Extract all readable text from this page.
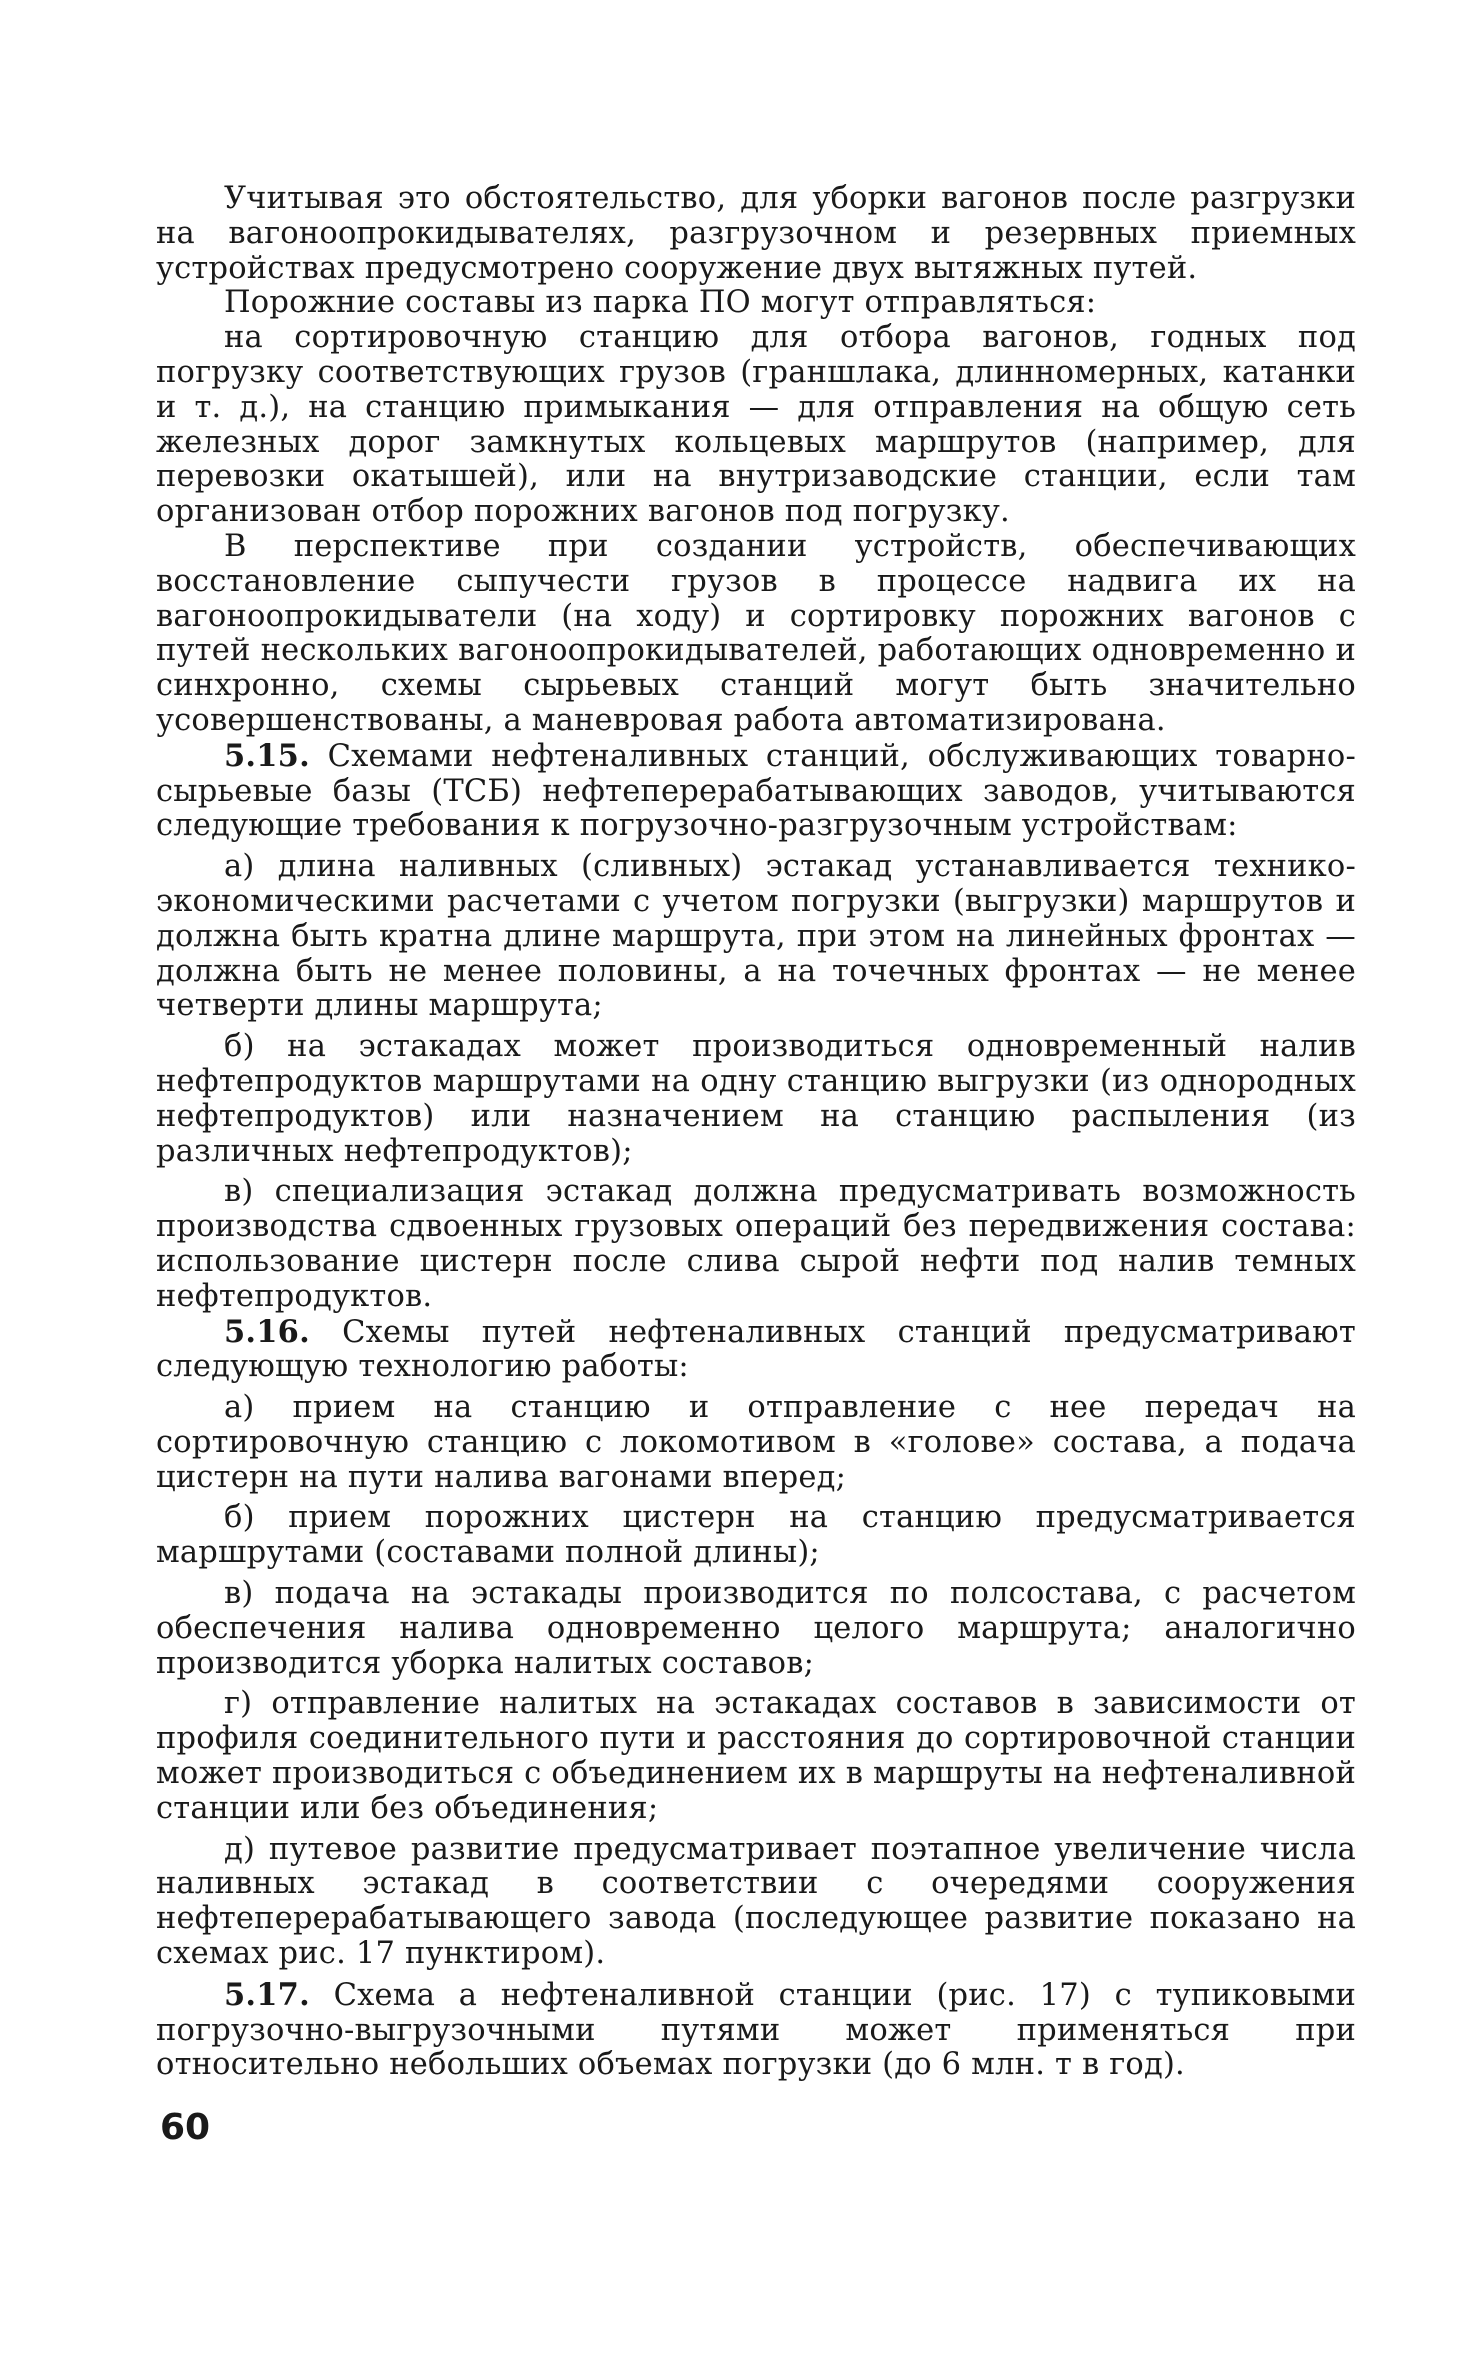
Учитывая это обстоятельство, для уборки вагонов после разгрузки на вагоноопрокидывателях, разгрузочном и резервных приемных устройствах предусмотрено сооружение двух вытяжных путей.

Порожние составы из парка ПО могут отправляться:

на сортировочную станцию для отбора вагонов, годных под погрузку соответствующих грузов (граншлака, длинномерных, катанки и т. д.), на станцию примыкания — для отправления на общую сеть железных дорог замкнутых кольцевых маршрутов (например, для перевозки окатышей), или на внутризаводские станции, если там организован отбор порожних вагонов под погрузку.

В перспективе при создании устройств, обеспечивающих восстановление сыпучести грузов в процессе надвига их на вагоноопрокидыватели (на ходу) и сортировку порожних вагонов с путей нескольких вагоноопрокидывателей, работающих одновременно и синхронно, схемы сырьевых станций могут быть значительно усовершенствованы, а маневровая работа автоматизирована.

5.15. Схемами нефтеналивных станций, обслуживающих товарно-сырьевые базы (ТСБ) нефтеперерабатывающих заводов, учитываются следующие требования к погрузочно-разгрузочным устройствам:

а) длина наливных (сливных) эстакад устанавливается технико-экономическими расчетами с учетом погрузки (выгрузки) маршрутов и должна быть кратна длине маршрута, при этом на линейных фронтах — должна быть не менее половины, а на точечных фронтах — не менее четверти длины маршрута;

б) на эстакадах может производиться одновременный налив нефтепродуктов маршрутами на одну станцию выгрузки (из однородных нефтепродуктов) или назначением на станцию распыления (из различных нефтепродуктов);

в) специализация эстакад должна предусматривать возможность производства сдвоенных грузовых операций без передвижения состава: использование цистерн после слива сырой нефти под налив темных нефтепродуктов.

5.16. Схемы путей нефтеналивных станций предусматривают следующую технологию работы:

а) прием на станцию и отправление с нее передач на сортировочную станцию с локомотивом в «голове» состава, а подача цистерн на пути налива вагонами вперед;

б) прием порожних цистерн на станцию предусматривается маршрутами (составами полной длины);

в) подача на эстакады производится по полсостава, с расчетом обеспечения налива одновременно целого маршрута; аналогично производится уборка налитых составов;

г) отправление налитых на эстакадах составов в зависимости от профиля соединительного пути и расстояния до сортировочной станции может производиться с объединением их в маршруты на нефтеналивной станции или без объединения;

д) путевое развитие предусматривает поэтапное увеличение числа наливных эстакад в соответствии с очередями сооружения нефтеперерабатывающего завода (последующее развитие показано на схемах рис. 17 пунктиром).

5.17. Схема а нефтеналивной станции (рис. 17) с тупиковыми погрузочно-выгрузочными путями может применяться при относительно небольших объемах погрузки (до 6 млн. т в год).

60
